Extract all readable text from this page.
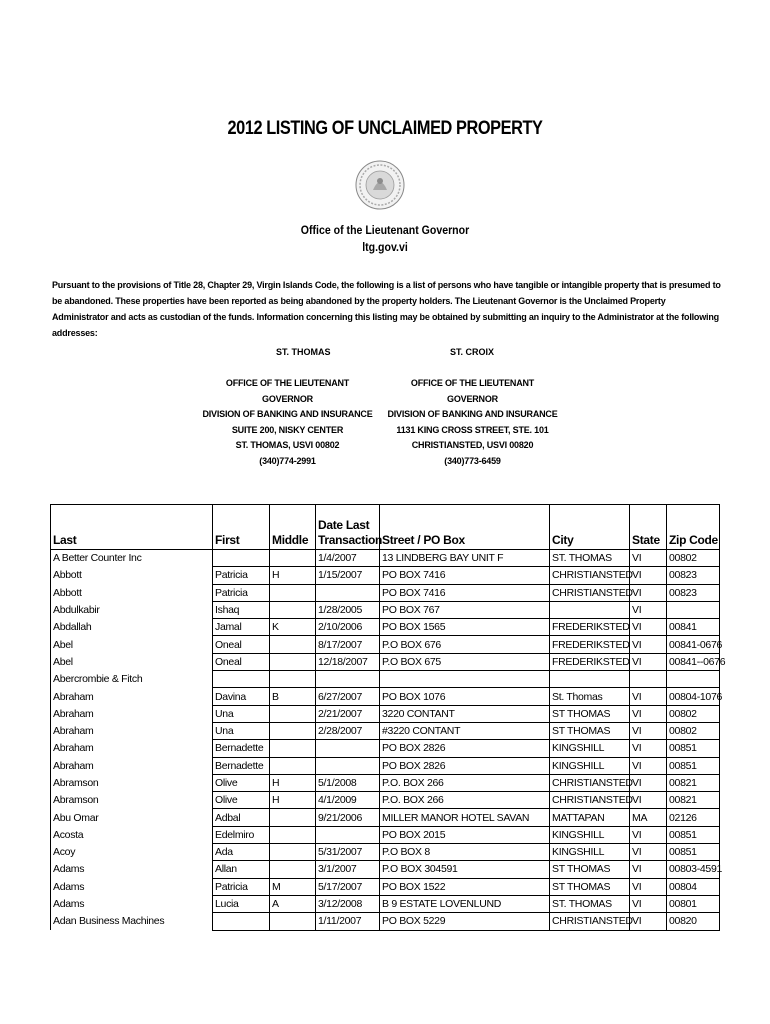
2012 LISTING OF UNCLAIMED PROPERTY
Office of the Lieutenant Governor
ltg.gov.vi
Pursuant to the provisions of Title 28, Chapter 29, Virgin Islands Code, the following is a list of persons who have tangible or intangible property that is presumed to be abandoned. These properties have been reported as being abandoned by the property holders. The Lieutenant Governor is the Unclaimed Property Administrator and acts as custodian of the funds. Information concerning this listing may be obtained by submitting an inquiry to the Administrator at the following addresses:
ST. THOMAS	ST. CROIX
OFFICE OF THE LIEUTENANT GOVERNOR
DIVISION OF BANKING AND INSURANCE
SUITE 200, NISKY CENTER
ST. THOMAS, USVI 00802
(340)774-2991
OFFICE OF THE LIEUTENANT GOVERNOR
DIVISION OF BANKING AND INSURANCE
1131 KING CROSS STREET, STE. 101
CHRISTIANSTED, USVI 00820
(340)773-6459
Last	First	Middle	Date Last
Transaction	Street / PO Box	City	State	Zip Code
A Better Counter Inc			1/4/2007	13 LINDBERG BAY UNIT F	ST. THOMAS	VI	00802
Abbott	Patricia	H	1/15/2007	PO BOX 7416	CHRISTIANSTED	VI	00823
Abbott	Patricia			PO BOX 7416	CHRISTIANSTED	VI	00823
Abdulkabir	Ishaq		1/28/2005	PO BOX 767		VI	
Abdallah	Jamal	K	2/10/2006	PO BOX 1565	FREDERIKSTED	VI	00841
Abel	Oneal		8/17/2007	P.O BOX 676	FREDERIKSTED	VI	00841-0676
Abel	Oneal		12/18/2007	P.O BOX 675	FREDERIKSTED	VI	00841--0676
Abercrombie & Fitch							
Abraham	Davina	B	6/27/2007	PO BOX 1076	St. Thomas	VI	00804-1076
Abraham	Una		2/21/2007	3220 CONTANT	ST THOMAS	VI	00802
Abraham	Una		2/28/2007	#3220 CONTANT	ST THOMAS	VI	00802
Abraham	Bernadette			PO BOX 2826	KINGSHILL	VI	00851
Abraham	Bernadette			PO BOX 2826	KINGSHILL	VI	00851
Abramson	Olive	H	5/1/2008	P.O. BOX 266	CHRISTIANSTED	VI	00821
Abramson	Olive	H	4/1/2009	P.O. BOX 266	CHRISTIANSTED	VI	00821
Abu Omar	Adbal		9/21/2006	MILLER MANOR HOTEL SAVAN	MATTAPAN	MA	02126
Acosta	Edelmiro			PO BOX 2015	KINGSHILL	VI	00851
Acoy	Ada		5/31/2007	P.O BOX 8	KINGSHILL	VI	00851
Adams	Allan		3/1/2007	P.O BOX 304591	ST THOMAS	VI	00803-4591
Adams	Patricia	M	5/17/2007	PO BOX 1522	ST THOMAS	VI	00804
Adams	Lucia	A	3/12/2008	B 9 ESTATE LOVENLUND	ST. THOMAS	VI	00801
Adan Business Machines			1/11/2007	PO BOX 5229	CHRISTIANSTED	VI	00820
